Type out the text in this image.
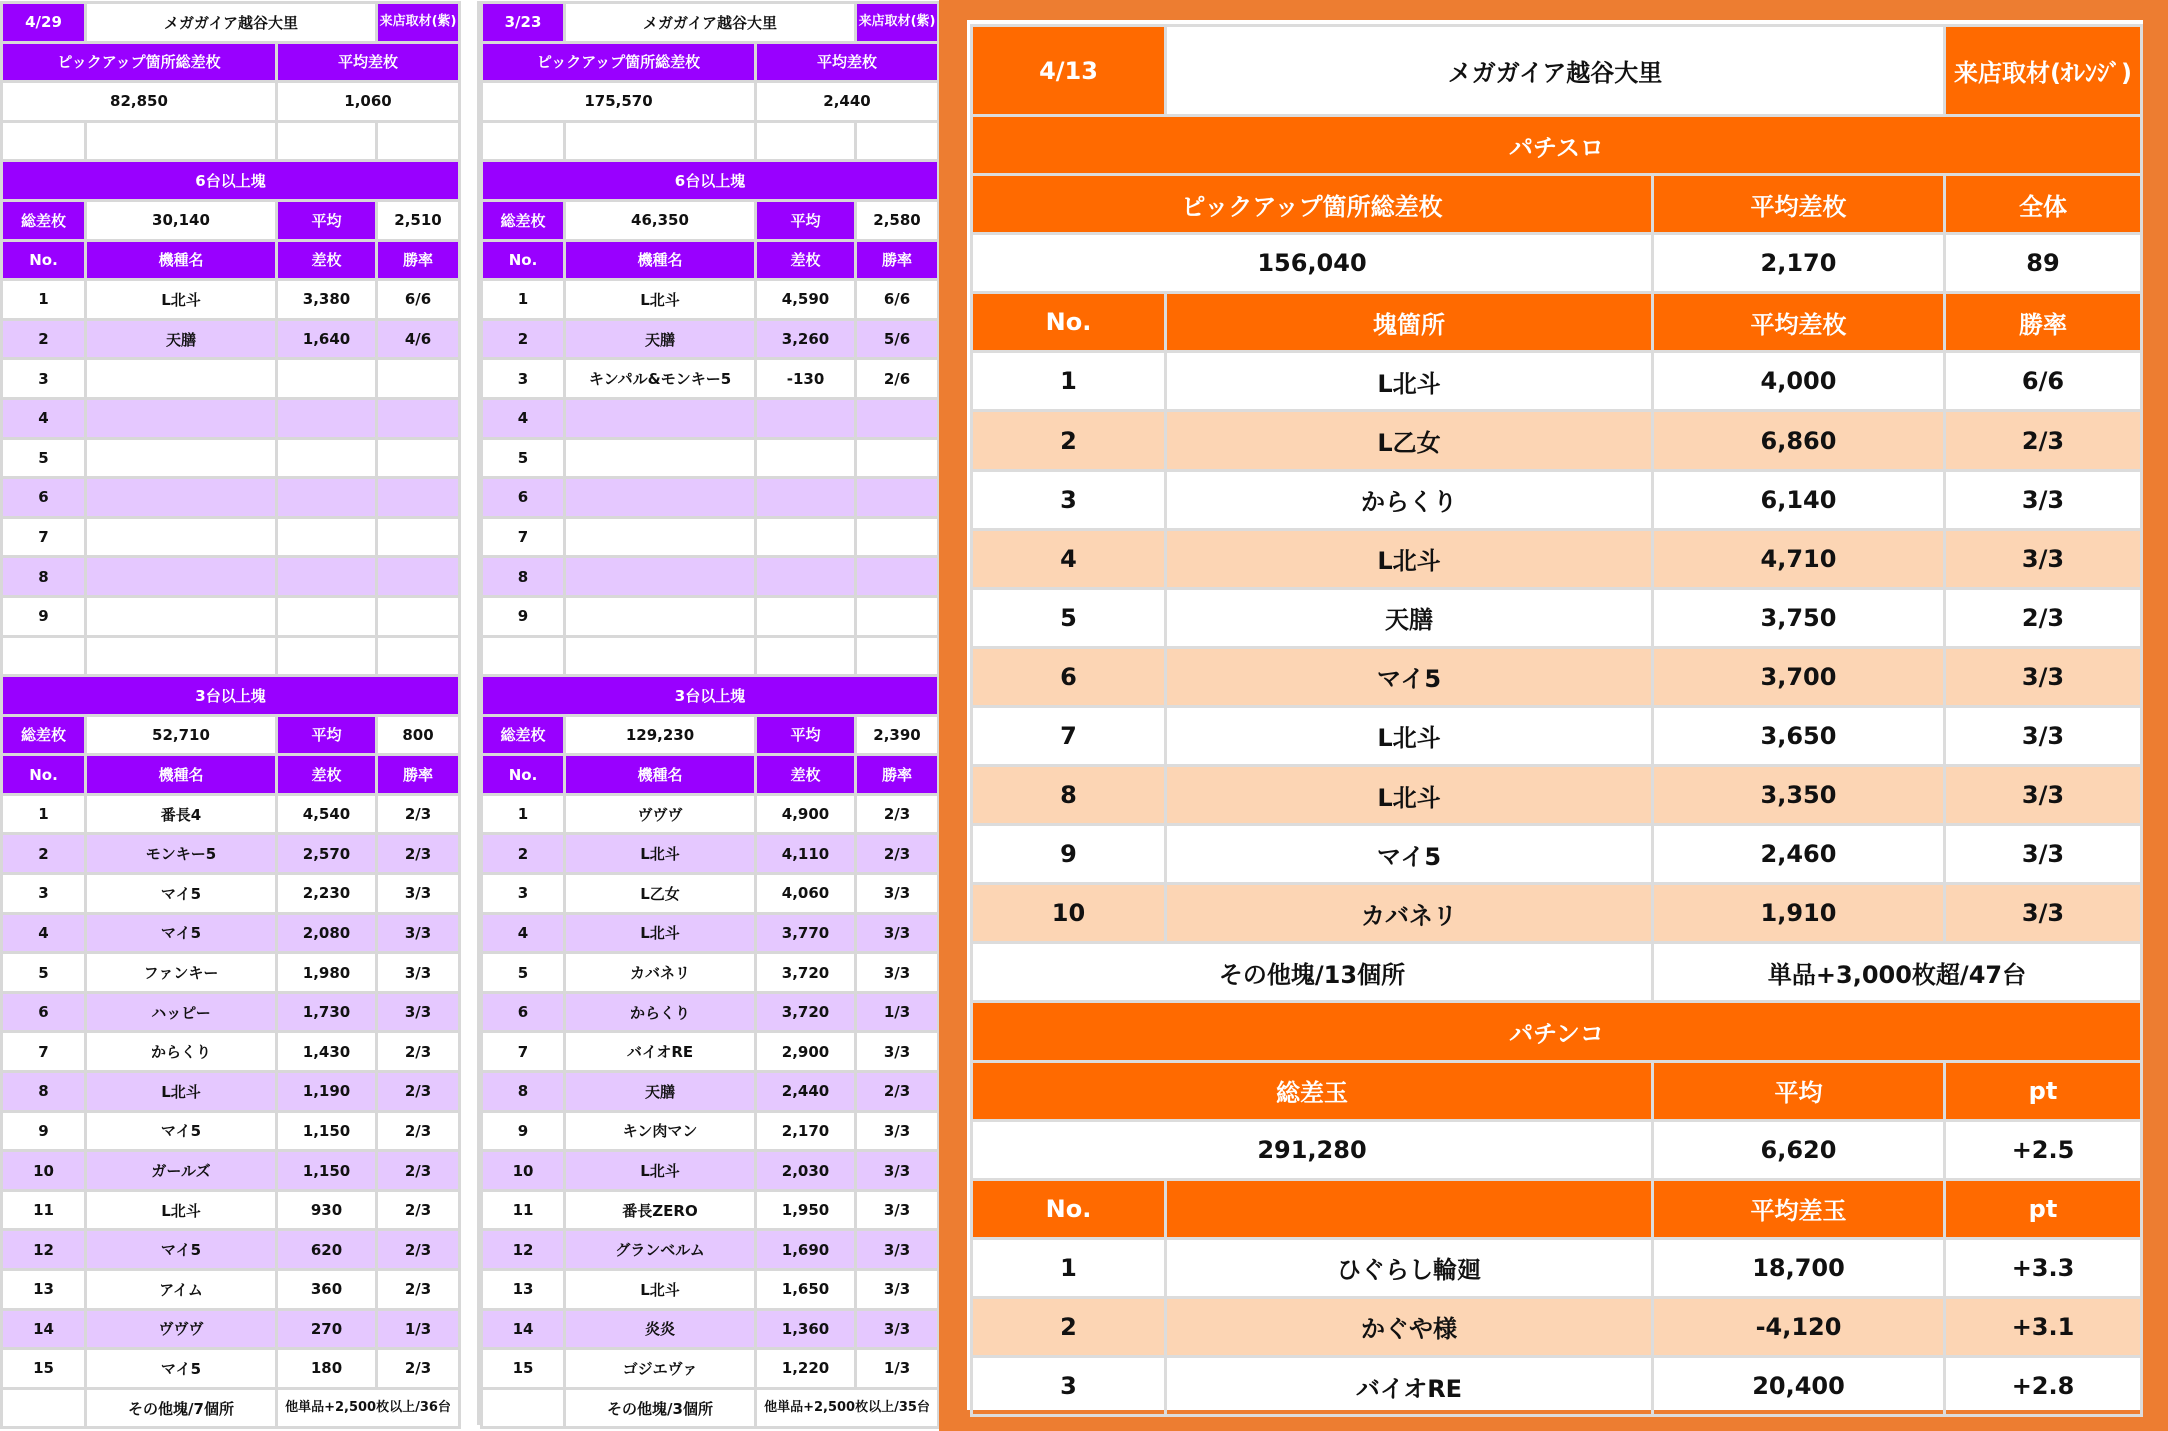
4/29	メガガイア越谷大里		来店取材(紫)
ピックアップ箇所総差枚		平均差枚	
82,850		1,060	

6台以上塊			
総差枚	30,140	平均	2,510
No.	機種名	差枚	勝率
1	L北斗	3,380	6/6
2	天膳	1,640	4/6
3			
4			
5			
6			
7			
8			
9			

3台以上塊			
総差枚	52,710	平均	800
No.	機種名	差枚	勝率
1	番長4	4,540	2/3
2	モンキー5	2,570	2/3
3	マイ5	2,230	3/3
4	マイ5	2,080	3/3
5	ファンキー	1,980	3/3
6	ハッピー	1,730	3/3
7	からくり	1,430	2/3
8	L北斗	1,190	2/3
9	マイ5	1,150	2/3
10	ガールズ	1,150	2/3
11	L北斗	930	2/3
12	マイ5	620	2/3
13	アイム	360	2/3
14	ヴヴヴ	270	1/3
15	マイ5	180	2/3
	その他塊/7個所	他単品+2,500枚以上/36台	
3/23	メガガイア越谷大里		来店取材(紫)
ピックアップ箇所総差枚		平均差枚	
175,570		2,440	

6台以上塊			
総差枚	46,350	平均	2,580
No.	機種名	差枚	勝率
1	L北斗	4,590	6/6
2	天膳	3,260	5/6
3	キンパル&モンキー5	-130	2/6
4			
5			
6			
7			
8			
9			

3台以上塊			
総差枚	129,230	平均	2,390
No.	機種名	差枚	勝率
1	ヴヴヴ	4,900	2/3
2	L北斗	4,110	2/3
3	L乙女	4,060	3/3
4	L北斗	3,770	3/3
5	カバネリ	3,720	3/3
6	からくり	3,720	1/3
7	バイオRE	2,900	3/3
8	天膳	2,440	2/3
9	キン肉マン	2,170	3/3
10	L北斗	2,030	3/3
11	番長ZERO	1,950	3/3
12	グランベルム	1,690	3/3
13	L北斗	1,650	3/3
14	炎炎	1,360	3/3
15	ゴジエヴァ	1,220	1/3
	その他塊/3個所	他単品+2,500枚以上/35台	
4/13	メガガイア越谷大里		来店取材(ｵﾚﾝｼﾞ)
パチスロ			
ピックアップ箇所総差枚		平均差枚	全体
156,040		2,170	89
No.	塊箇所	平均差枚	勝率
1	L北斗	4,000	6/6
2	L乙女	6,860	2/3
3	からくり	6,140	3/3
4	L北斗	4,710	3/3
5	天膳	3,750	2/3
6	マイ5	3,700	3/3
7	L北斗	3,650	3/3
8	L北斗	3,350	3/3
9	マイ5	2,460	3/3
10	カバネリ	1,910	3/3
その他塊/13個所		単品+3,000枚超/47台	
パチンコ			
総差玉		平均	pt
291,280		6,620	+2.5
No.		平均差玉	pt
1	ひぐらし輪廻	18,700	+3.3
2	かぐや様	-4,120	+3.1
3	バイオRE	20,400	+2.8
